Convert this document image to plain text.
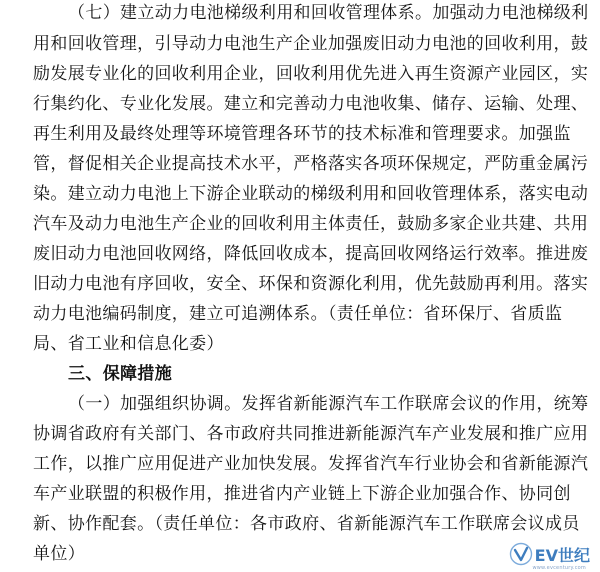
（七）建立动力电池梯级利用和回收管理体系。加强动力电池梯级利
用和回收管理，引导动力电池生产企业加强废旧动力电池的回收利用，鼓
励发展专业化的回收利用企业，回收利用优先进入再生资源产业园区，实
行集约化、专业化发展。建立和完善动力电池收集、储存、运输、处理、
再生利用及最终处理等环境管理各环节的技术标准和管理要求。加强监
管，督促相关企业提高技术水平，严格落实各项环保规定，严防重金属污
染。建立动力电池上下游企业联动的梯级利用和回收管理体系，落实电动
汽车及动力电池生产企业的回收利用主体责任，鼓励多家企业共建、共用
废旧动力电池回收网络，降低回收成本，提高回收网络运行效率。推进废
旧动力电池有序回收，安全、环保和资源化利用，优先鼓励再利用。落实
动力电池编码制度，建立可追溯体系。（责任单位：省环保厅、省质监
局、省工业和信息化委）
三、保障措施
（一）加强组织协调。发挥省新能源汽车工作联席会议的作用，统筹
协调省政府有关部门、各市政府共同推进新能源汽车产业发展和推广应用
工作，以推广应用促进产业加快发展。发挥省汽车行业协会和省新能源汽
车产业联盟的积极作用，推进省内产业链上下游企业加强合作、协同创
新、协作配套。（责任单位：各市政府、省新能源汽车工作联席会议成员
单位）	EV世纪
www.evcentury.com
